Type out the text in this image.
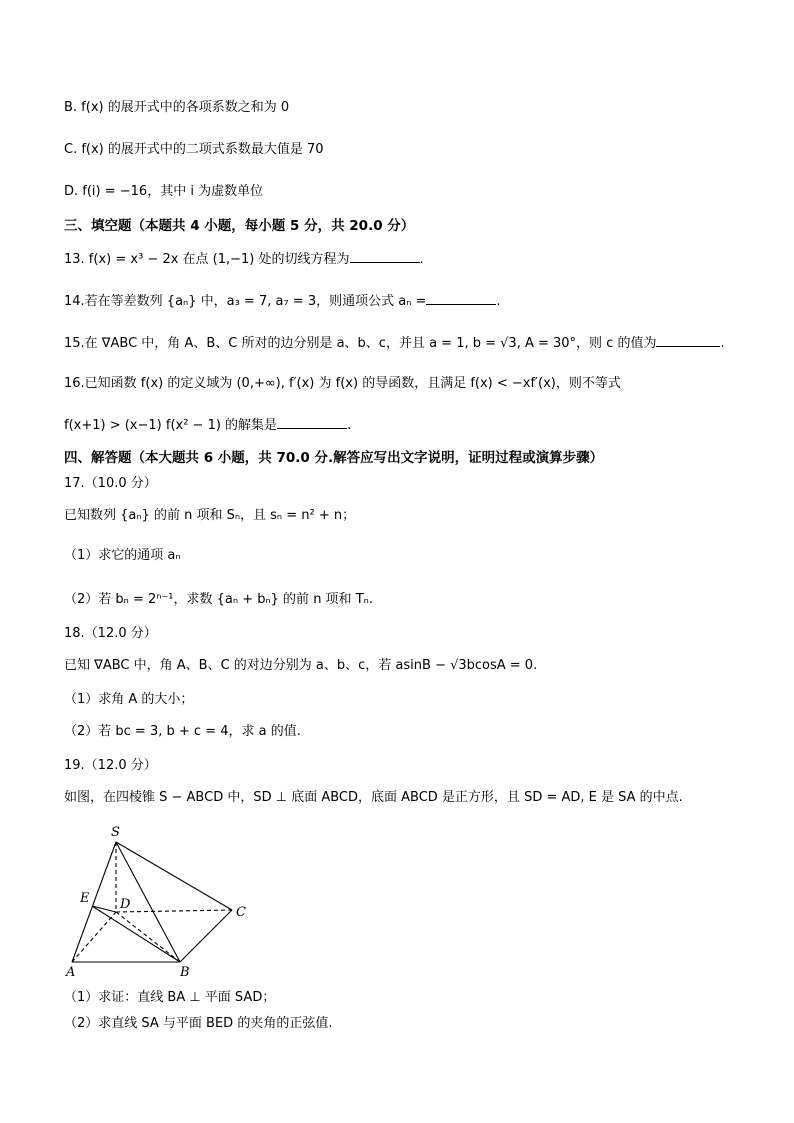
B. f(x) 的展开式中的各项系数之和为 0
C. f(x) 的展开式中的二项式系数最大值是 70
D. f(i) = −16，其中 i 为虚数单位
三、填空题（本题共 4 小题，每小题 5 分，共 20.0 分）
13. f(x) = x³ − 2x 在点 (1,−1) 处的切线方程为	.
14.若在等差数列 {aₙ} 中，a₃ = 7, a₇ = 3，则通项公式 aₙ =	.
15.在 ∇ABC 中，角 A、B、C 所对的边分别是 a、b、c，并且 a = 1, b = √3, A = 30°，则 c 的值为	.
16.已知函数 f(x) 的定义域为 (0,+∞), f′(x) 为 f(x) 的导函数，且满足 f(x) < −xf′(x)，则不等式
f(x+1) > (x−1) f(x² − 1) 的解集是	.
四、解答题（本大题共 6 小题，共 70.0 分.解答应写出文字说明，证明过程或演算步骤）
17.（10.0 分）
已知数列 {aₙ} 的前 n 项和 Sₙ，且 sₙ = n² + n；
（1）求它的通项 aₙ
（2）若 bₙ = 2ⁿ⁻¹，求数 {aₙ + bₙ} 的前 n 项和 Tₙ.
18.（12.0 分）
已知 ∇ABC 中，角 A、B、C 的对边分别为 a、b、c，若 asinB − √3bcosA = 0.
（1）求角 A 的大小；
（2）若 bc = 3, b + c = 4，求 a 的值.
19.（12.0 分）
如图，在四棱锥 S − ABCD 中，SD ⊥ 底面 ABCD，底面 ABCD 是正方形，且 SD = AD, E 是 SA 的中点.
S
E D
C
A	B
（1）求证：直线 BA ⊥ 平面 SAD；
（2）求直线 SA 与平面 BED 的夹角的正弦值.
